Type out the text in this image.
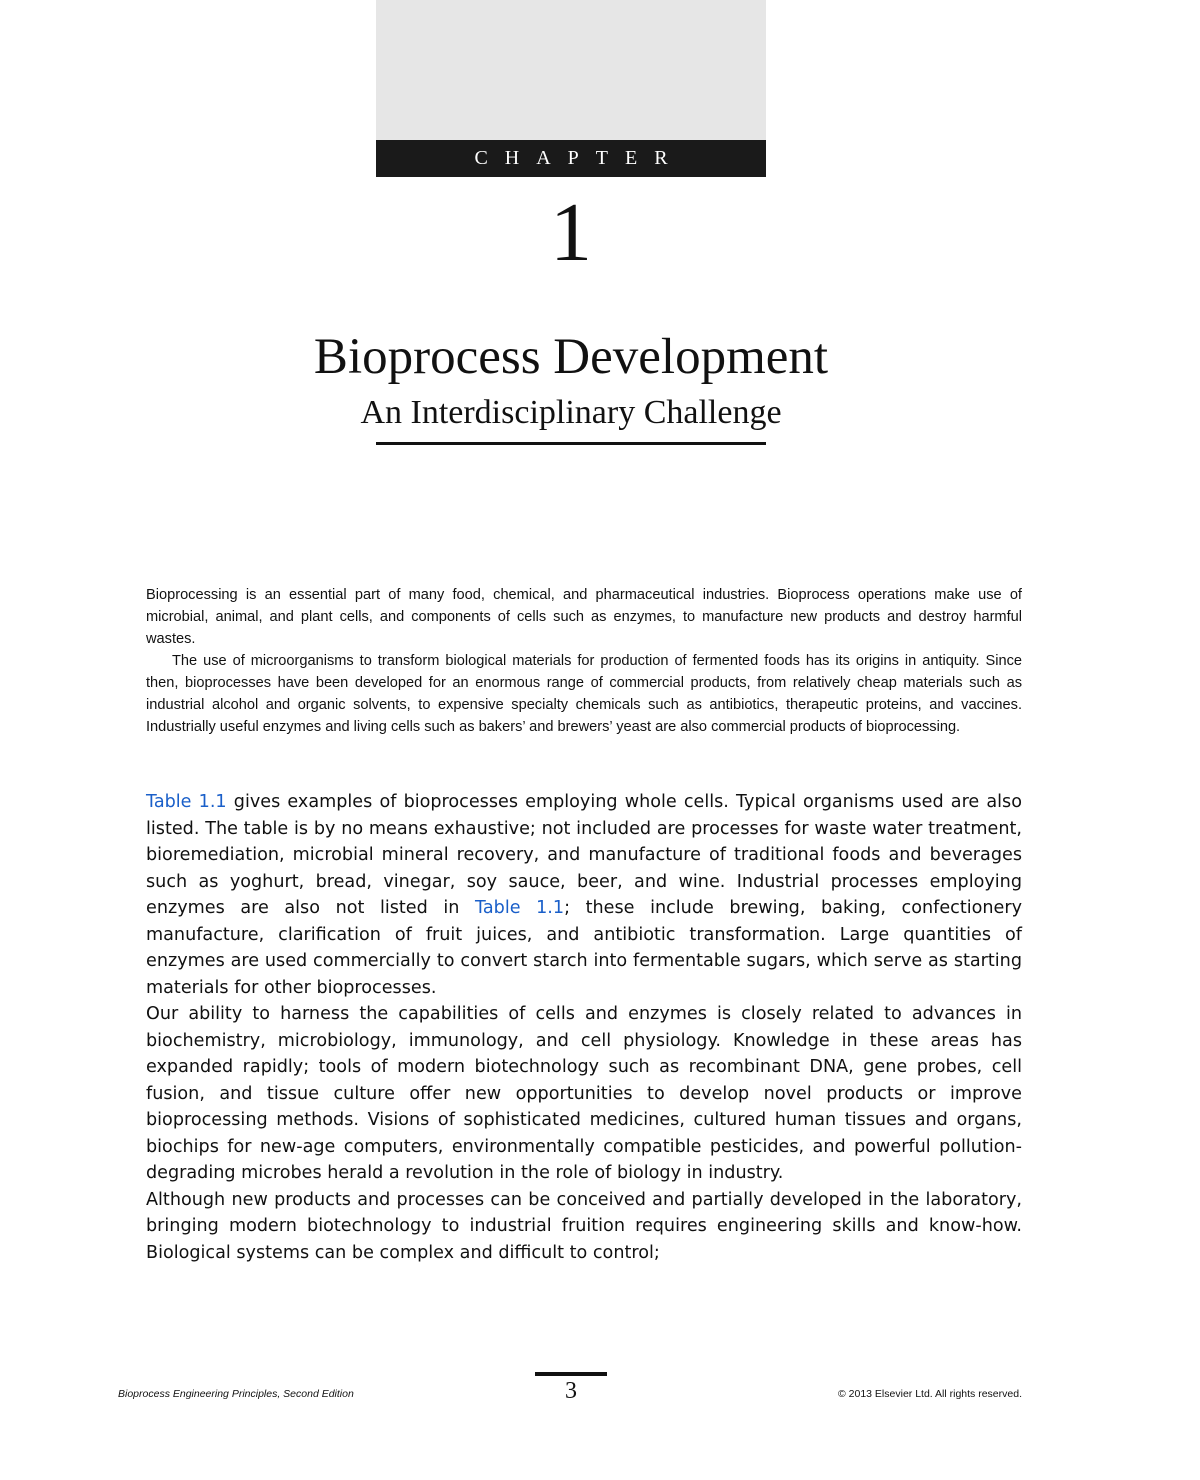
CHAPTER
1
Bioprocess Development
An Interdisciplinary Challenge

Bioprocessing is an essential part of many food, chemical, and pharmaceutical industries. Bioprocess operations make use of microbial, animal, and plant cells, and components of cells such as enzymes, to manufacture new products and destroy harmful wastes.

The use of microorganisms to transform biological materials for production of fermented foods has its origins in antiquity. Since then, bioprocesses have been developed for an enormous range of commercial products, from relatively cheap materials such as industrial alcohol and organic solvents, to expensive specialty chemicals such as antibiotics, therapeutic proteins, and vaccines. Industrially useful enzymes and living cells such as bakers’ and brewers’ yeast are also commercial products of bioprocessing.

Table 1.1 gives examples of bioprocesses employing whole cells. Typical organisms used are also listed. The table is by no means exhaustive; not included are processes for waste water treatment, bioremediation, microbial mineral recovery, and manufacture of traditional foods and beverages such as yoghurt, bread, vinegar, soy sauce, beer, and wine. Industrial processes employing enzymes are also not listed in Table 1.1; these include brewing, baking, confectionery manufacture, clarification of fruit juices, and antibiotic transformation. Large quantities of enzymes are used commercially to convert starch into fermentable sugars, which serve as starting materials for other bioprocesses.

Our ability to harness the capabilities of cells and enzymes is closely related to advances in biochemistry, microbiology, immunology, and cell physiology. Knowledge in these areas has expanded rapidly; tools of modern biotechnology such as recombinant DNA, gene probes, cell fusion, and tissue culture offer new opportunities to develop novel products or improve bioprocessing methods. Visions of sophisticated medicines, cultured human tissues and organs, biochips for new-age computers, environmentally compatible pesticides, and powerful pollution-degrading microbes herald a revolution in the role of biology in industry.

Although new products and processes can be conceived and partially developed in the laboratory, bringing modern biotechnology to industrial fruition requires engineering skills and know-how. Biological systems can be complex and difficult to control;

Bioprocess Engineering Principles, Second Edition	3	© 2013 Elsevier Ltd. All rights reserved.
